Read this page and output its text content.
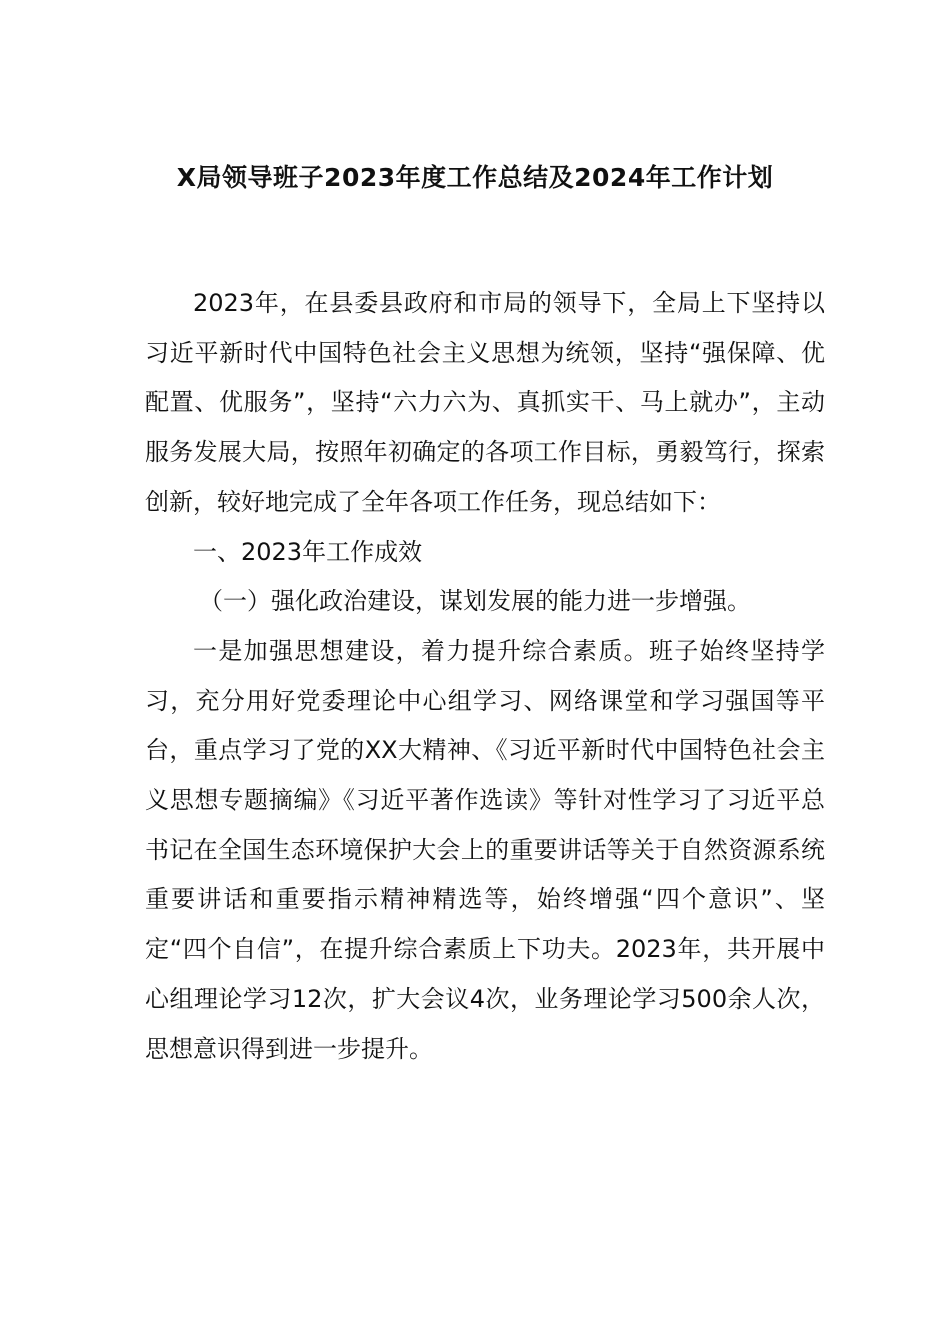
X局领导班子2023年度工作总结及2024年工作计划

2023年，在县委县政府和市局的领导下，全局上下坚持以习近平新时代中国特色社会主义思想为统领，坚持“强保障、优配置、优服务”，坚持“六力六为、真抓实干、马上就办”，主动服务发展大局，按照年初确定的各项工作目标，勇毅笃行，探索创新，较好地完成了全年各项工作任务，现总结如下：

一、2023年工作成效

（一）强化政治建设，谋划发展的能力进一步增强。

一是加强思想建设，着力提升综合素质。班子始终坚持学习，充分用好党委理论中心组学习、网络课堂和学习强国等平台，重点学习了党的XX大精神、《习近平新时代中国特色社会主义思想专题摘编》《习近平著作选读》等针对性学习了习近平总书记在全国生态环境保护大会上的重要讲话等关于自然资源系统重要讲话和重要指示精神精选等，始终增强“四个意识”、坚定“四个自信”，在提升综合素质上下功夫。2023年，共开展中心组理论学习12次，扩大会议4次，业务理论学习500余人次，思想意识得到进一步提升。
